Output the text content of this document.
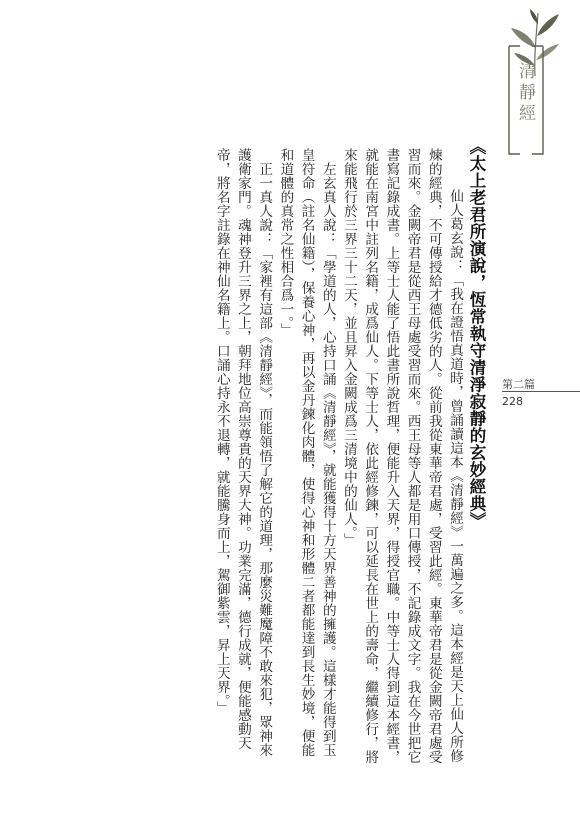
清靜經
第二篇
228
《太上老君所演說，恆常執守清淨寂靜的玄妙經典》

仙人葛玄說：「我在證悟真道時，曾誦讀這本《清靜經》一萬遍之多。這本經是天上仙人所修煉的經典，不可傳授給才德低劣的人。從前我從東華帝君處，受習此經。東華帝君是從金闕帝君處受習而來。金闕帝君是從西王母處受習而來。西王母等人都是用口傳授，不記錄成文字。我在今世把它書寫記錄成書。上等士人能了悟此書所說哲理，便能升入天界，得授官職。中等士人得到這本經書，就能在南宮中註列名籍，成爲仙人。下等士人，依此經修鍊，可以延長在世上的壽命，繼續修行，將來能飛行於三界三十二天，並且昇入金闕成爲三清境中的仙人。」

左玄真人說：「學道的人，心持口誦《清靜經》，就能獲得十方天界善神的擁護。這樣才能得到玉皇符命（註名仙籍），保養心神，再以金丹鍊化肉體，使得心神和形體二者都能達到長生妙境，便能和道體的真常之性相合爲一。」

正一真人說：「家裡有這部《清靜經》，而能領悟了解它的道理，那麼災難魔障不敢來犯，眾神來護衛家門。魂神登升三界之上，朝拜地位高崇尊貴的天界大神。功業完滿，德行成就，便能感動天帝，將名字註錄在神仙名籍上。口誦心持永不退轉，就能騰身而上，駕御紫雲，昇上天界。」
